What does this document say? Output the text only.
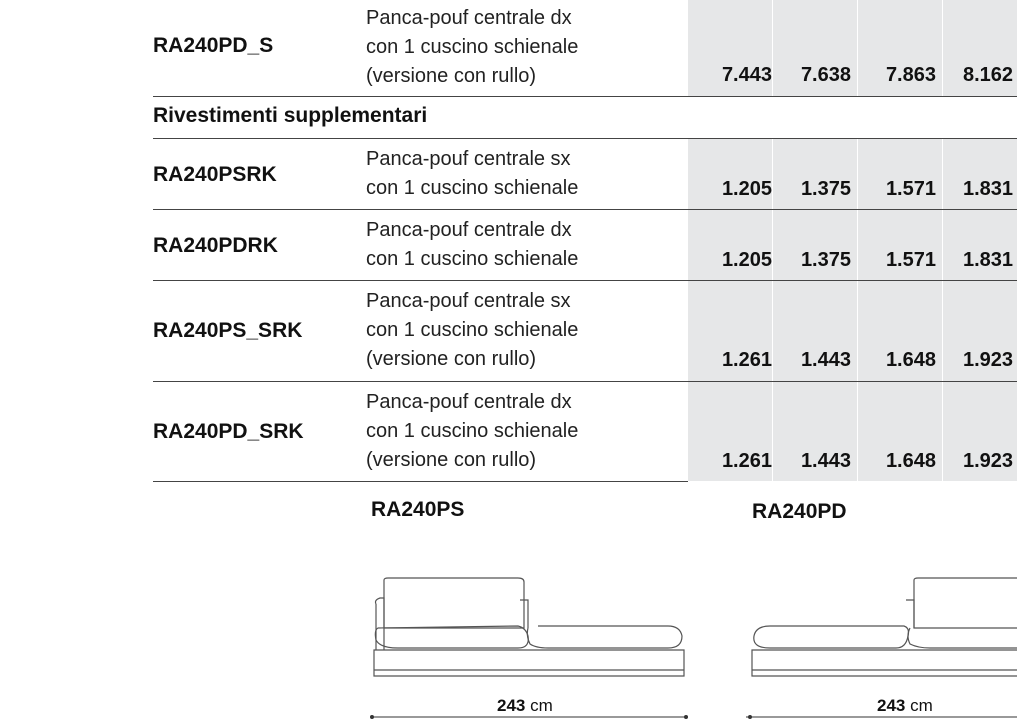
RA240PD_S
Panca-pouf centrale dx
con 1 cuscino schienale
(versione con rullo)	7.443	7.638	7.863 8.162
Rivestimenti supplementari
RA240PSRK
Panca-pouf centrale sx
con 1 cuscino schienale	1.205	1.375	1.571 1.831
RA240PDRK
Panca-pouf centrale dx
con 1 cuscino schienale	1.205	1.375	1.571 1.831
RA240PS_SRK
Panca-pouf centrale sx
con 1 cuscino schienale
(versione con rullo)	1.261	1.443	1.648 1.923
RA240PD_SRK
Panca-pouf centrale dx
con 1 cuscino schienale
(versione con rullo)	1.261	1.443	1.648 1.923
RA240PS	RA240PD
243 cm	243 cm
